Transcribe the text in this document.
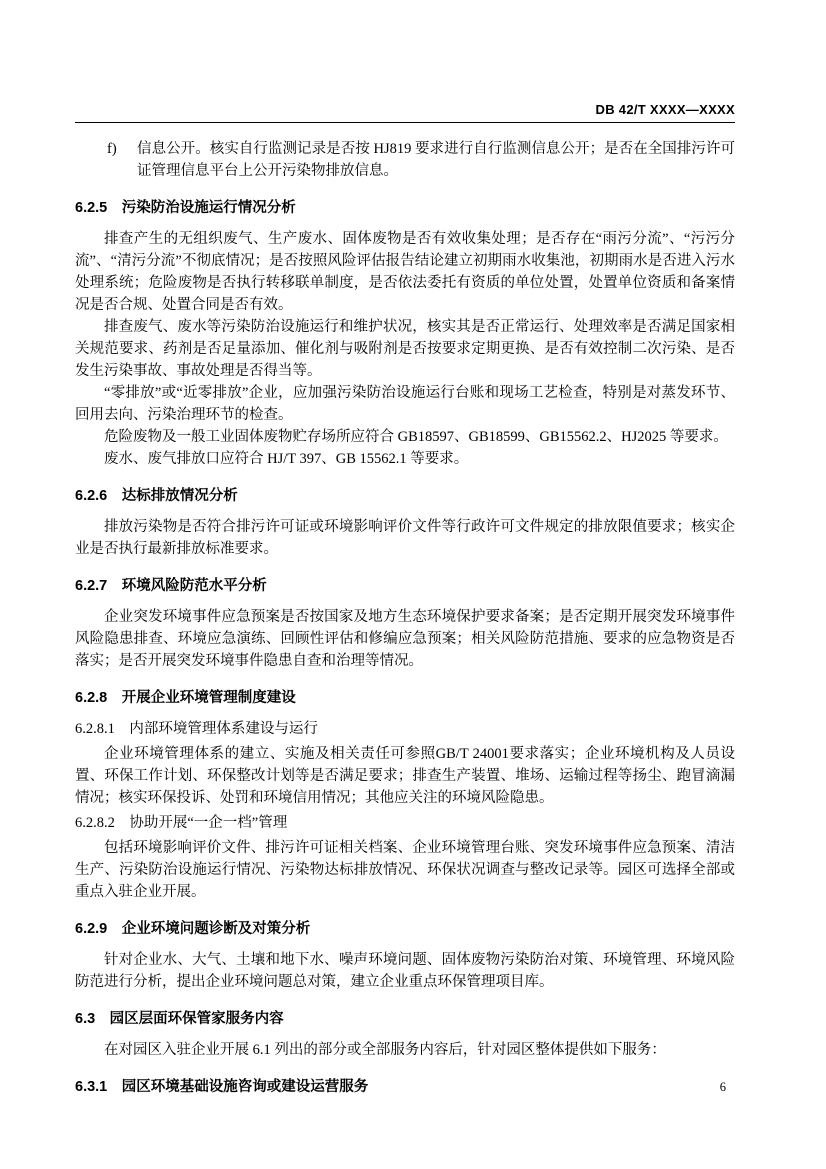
DB 42/T XXXX—XXXX

f) 信息公开。核实自行监测记录是否按 HJ819 要求进行自行监测信息公开；是否在全国排污许可证管理信息平台上公开污染物排放信息。

6.2.5　污染防治设施运行情况分析

排查产生的无组织废气、生产废水、固体废物是否有效收集处理；是否存在“雨污分流”、“污污分流”、“清污分流”不彻底情况；是否按照风险评估报告结论建立初期雨水收集池，初期雨水是否进入污水处理系统；危险废物是否执行转移联单制度，是否依法委托有资质的单位处置，处置单位资质和备案情况是否合规、处置合同是否有效。

排查废气、废水等污染防治设施运行和维护状况，核实其是否正常运行、处理效率是否满足国家相关规范要求、药剂是否足量添加、催化剂与吸附剂是否按要求定期更换、是否有效控制二次污染、是否发生污染事故、事故处理是否得当等。

“零排放”或“近零排放”企业，应加强污染防治设施运行台账和现场工艺检查，特别是对蒸发环节、回用去向、污染治理环节的检查。

危险废物及一般工业固体废物贮存场所应符合 GB18597、GB18599、GB15562.2、HJ2025 等要求。

废水、废气排放口应符合 HJ/T 397、GB 15562.1 等要求。

6.2.6　达标排放情况分析

排放污染物是否符合排污许可证或环境影响评价文件等行政许可文件规定的排放限值要求；核实企业是否执行最新排放标准要求。

6.2.7　环境风险防范水平分析

企业突发环境事件应急预案是否按国家及地方生态环境保护要求备案；是否定期开展突发环境事件风险隐患排查、环境应急演练、回顾性评估和修编应急预案；相关风险防范措施、要求的应急物资是否落实；是否开展突发环境事件隐患自查和治理等情况。

6.2.8　开展企业环境管理制度建设

6.2.8.1　内部环境管理体系建设与运行

企业环境管理体系的建立、实施及相关责任可参照GB/T 24001要求落实；企业环境机构及人员设置、环保工作计划、环保整改计划等是否满足要求；排查生产装置、堆场、运输过程等扬尘、跑冒滴漏情况；核实环保投诉、处罚和环境信用情况；其他应关注的环境风险隐患。

6.2.8.2　协助开展“一企一档”管理

包括环境影响评价文件、排污许可证相关档案、企业环境管理台账、突发环境事件应急预案、清洁生产、污染防治设施运行情况、污染物达标排放情况、环保状况调查与整改记录等。园区可选择全部或重点入驻企业开展。

6.2.9　企业环境问题诊断及对策分析

针对企业水、大气、土壤和地下水、噪声环境问题、固体废物污染防治对策、环境管理、环境风险防范进行分析，提出企业环境问题总对策，建立企业重点环保管理项目库。

6.3　园区层面环保管家服务内容

在对园区入驻企业开展 6.1 列出的部分或全部服务内容后，针对园区整体提供如下服务：

6.3.1　园区环境基础设施咨询或建设运营服务	6
